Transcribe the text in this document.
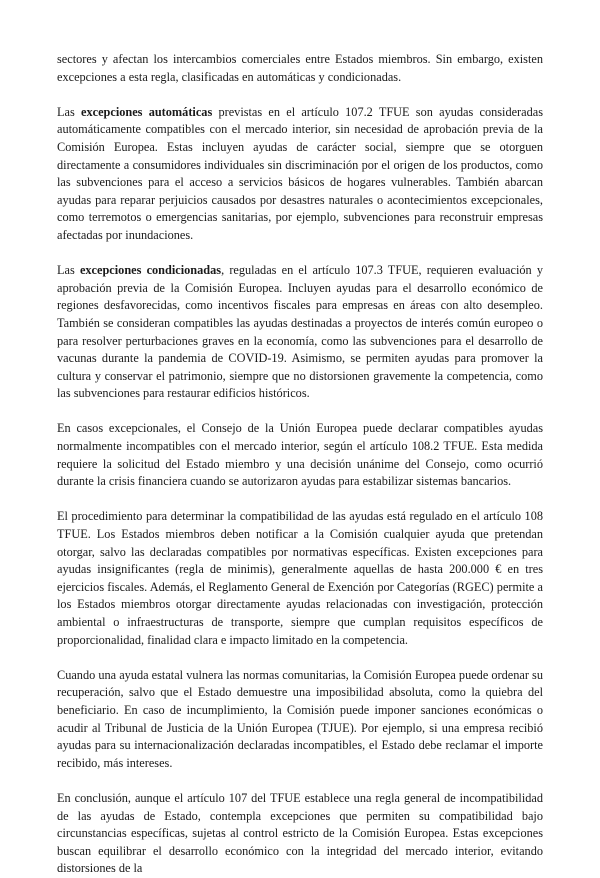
sectores y afectan los intercambios comerciales entre Estados miembros. Sin embargo, existen excepciones a esta regla, clasificadas en automáticas y condicionadas.

Las excepciones automáticas previstas en el artículo 107.2 TFUE son ayudas consideradas automáticamente compatibles con el mercado interior, sin necesidad de aprobación previa de la Comisión Europea. Estas incluyen ayudas de carácter social, siempre que se otorguen directamente a consumidores individuales sin discriminación por el origen de los productos, como las subvenciones para el acceso a servicios básicos de hogares vulnerables. También abarcan ayudas para reparar perjuicios causados por desastres naturales o acontecimientos excepcionales, como terremotos o emergencias sanitarias, por ejemplo, subvenciones para reconstruir empresas afectadas por inundaciones.

Las excepciones condicionadas, reguladas en el artículo 107.3 TFUE, requieren evaluación y aprobación previa de la Comisión Europea. Incluyen ayudas para el desarrollo económico de regiones desfavorecidas, como incentivos fiscales para empresas en áreas con alto desempleo. También se consideran compatibles las ayudas destinadas a proyectos de interés común europeo o para resolver perturbaciones graves en la economía, como las subvenciones para el desarrollo de vacunas durante la pandemia de COVID-19. Asimismo, se permiten ayudas para promover la cultura y conservar el patrimonio, siempre que no distorsionen gravemente la competencia, como las subvenciones para restaurar edificios históricos.

En casos excepcionales, el Consejo de la Unión Europea puede declarar compatibles ayudas normalmente incompatibles con el mercado interior, según el artículo 108.2 TFUE. Esta medida requiere la solicitud del Estado miembro y una decisión unánime del Consejo, como ocurrió durante la crisis financiera cuando se autorizaron ayudas para estabilizar sistemas bancarios.

El procedimiento para determinar la compatibilidad de las ayudas está regulado en el artículo 108 TFUE. Los Estados miembros deben notificar a la Comisión cualquier ayuda que pretendan otorgar, salvo las declaradas compatibles por normativas específicas. Existen excepciones para ayudas insignificantes (regla de minimis), generalmente aquellas de hasta 200.000 € en tres ejercicios fiscales. Además, el Reglamento General de Exención por Categorías (RGEC) permite a los Estados miembros otorgar directamente ayudas relacionadas con investigación, protección ambiental o infraestructuras de transporte, siempre que cumplan requisitos específicos de proporcionalidad, finalidad clara e impacto limitado en la competencia.

Cuando una ayuda estatal vulnera las normas comunitarias, la Comisión Europea puede ordenar su recuperación, salvo que el Estado demuestre una imposibilidad absoluta, como la quiebra del beneficiario. En caso de incumplimiento, la Comisión puede imponer sanciones económicas o acudir al Tribunal de Justicia de la Unión Europea (TJUE). Por ejemplo, si una empresa recibió ayudas para su internacionalización declaradas incompatibles, el Estado debe reclamar el importe recibido, más intereses.

En conclusión, aunque el artículo 107 del TFUE establece una regla general de incompatibilidad de las ayudas de Estado, contempla excepciones que permiten su compatibilidad bajo circunstancias específicas, sujetas al control estricto de la Comisión Europea. Estas excepciones buscan equilibrar el desarrollo económico con la integridad del mercado interior, evitando distorsiones de la
